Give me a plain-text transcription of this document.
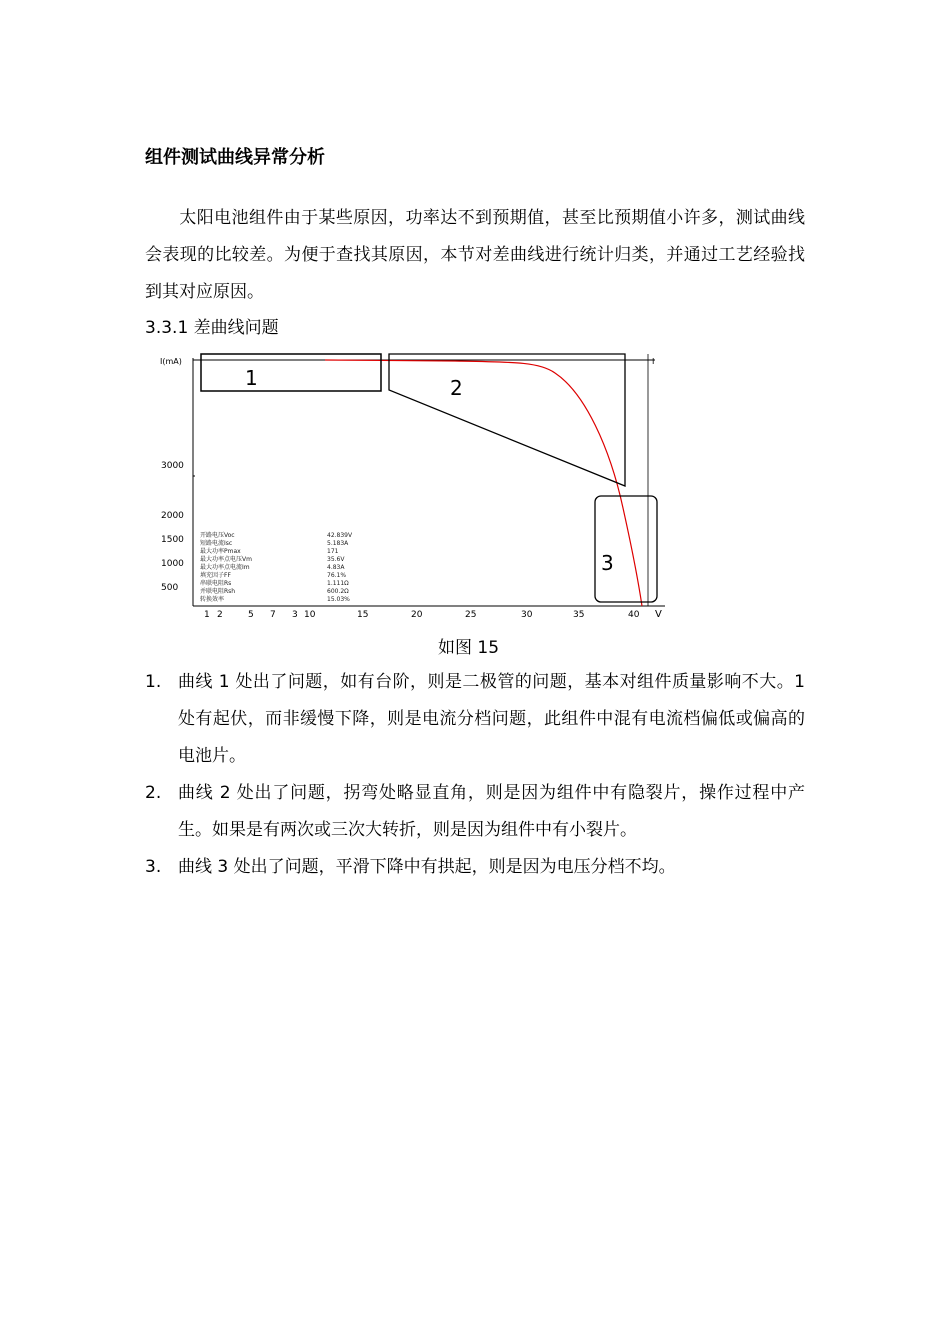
组件测试曲线异常分析

太阳电池组件由于某些原因，功率达不到预期值，甚至比预期值小许多，测试曲线会表现的比较差。为便于查找其原因，本节对差曲线进行统计归类，并通过工艺经验找到其对应原因。

3.3.1 差曲线问题
I(mA)	I
V
3000
2000
1500
1000
500
1 2	5 7 3 10	15	20	25	30	35	40
1	2
3
开路电压Voc	42.839V
短路电流Isc	5.183A
最大功率Pmax	171
最大功率点电压Vm	35.6V
最大功率点电流Im	4.83A
填充因子FF	76.1%
串联电阻Rs	1.111Ω
并联电阻Rsh	600.2Ω
转换效率	15.03%
如图 15
1. 曲线 1 处出了问题，如有台阶，则是二极管的问题，基本对组件质量影响不大。1 处有起伏，而非缓慢下降，则是电流分档问题，此组件中混有电流档偏低或偏高的电池片。
2. 曲线 2 处出了问题，拐弯处略显直角，则是因为组件中有隐裂片，操作过程中产生。如果是有两次或三次大转折，则是因为组件中有小裂片。
3. 曲线 3 处出了问题，平滑下降中有拱起，则是因为电压分档不均。
